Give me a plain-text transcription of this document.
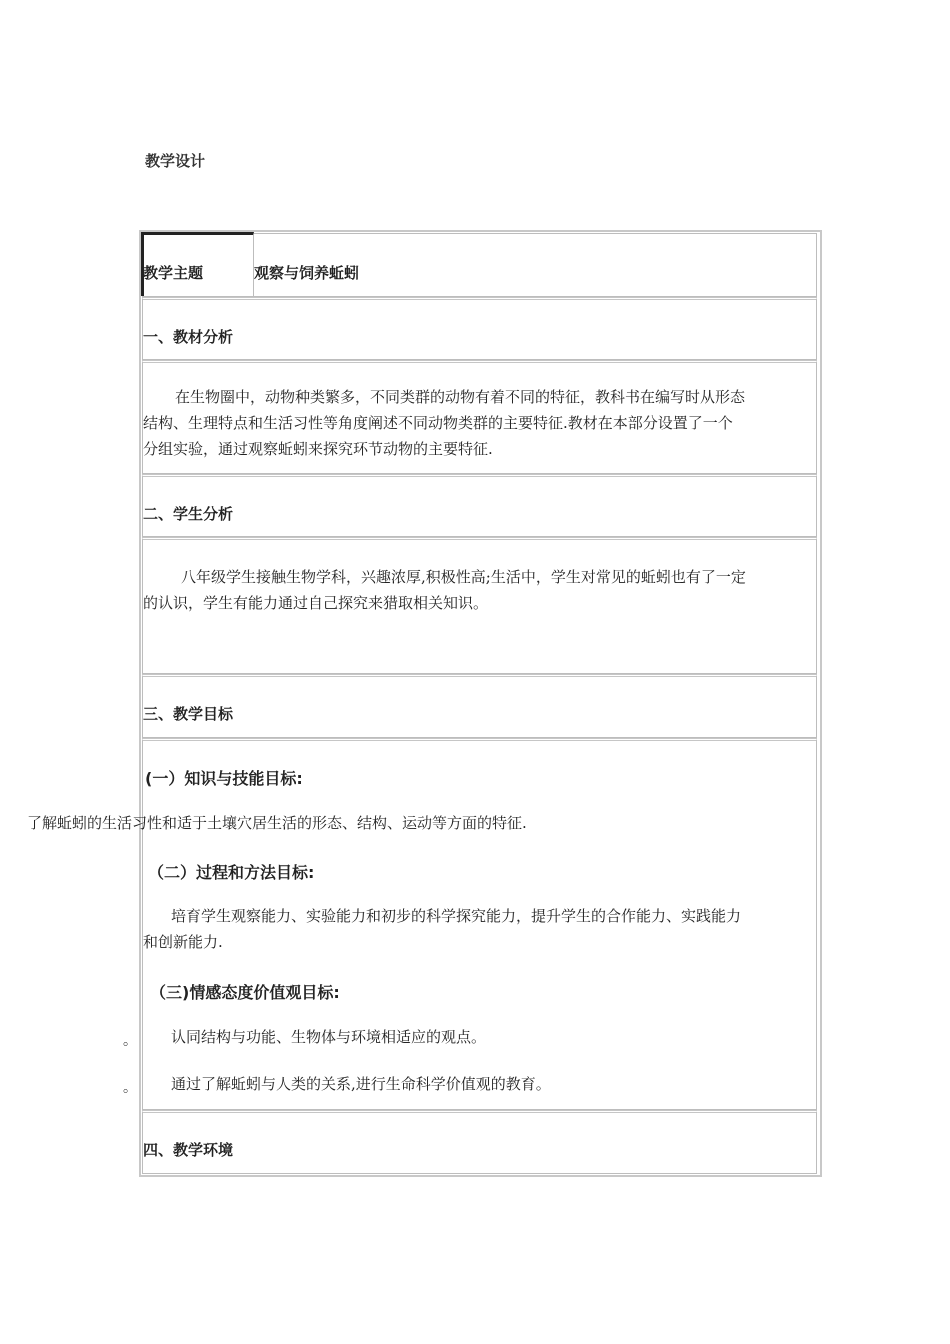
教学设计
教学主题	观察与饲养蚯蚓
一、教材分析
在生物圈中，动物种类繁多，不同类群的动物有着不同的特征，教科书在编写时从形态
结构、生理特点和生活习性等角度阐述不同动物类群的主要特征.教材在本部分设置了一个
分组实验，通过观察蚯蚓来探究环节动物的主要特征.
二、学生分析
八年级学生接触生物学科，兴趣浓厚,积极性高;生活中，学生对常见的蚯蚓也有了一定
的认识，学生有能力通过自己探究来猎取相关知识。
三、教学目标
(一）知识与技能目标:
了解蚯蚓的生活习性和适于土壤穴居生活的形态、结构、运动等方面的特征.
（二）过程和方法目标:
培育学生观察能力、实验能力和初步的科学探究能力，提升学生的合作能力、实践能力
和创新能力.
（三)情感态度价值观目标:
。 认同结构与功能、生物体与环境相适应的观点。
。 通过了解蚯蚓与人类的关系,进行生命科学价值观的教育。
四、教学环境
